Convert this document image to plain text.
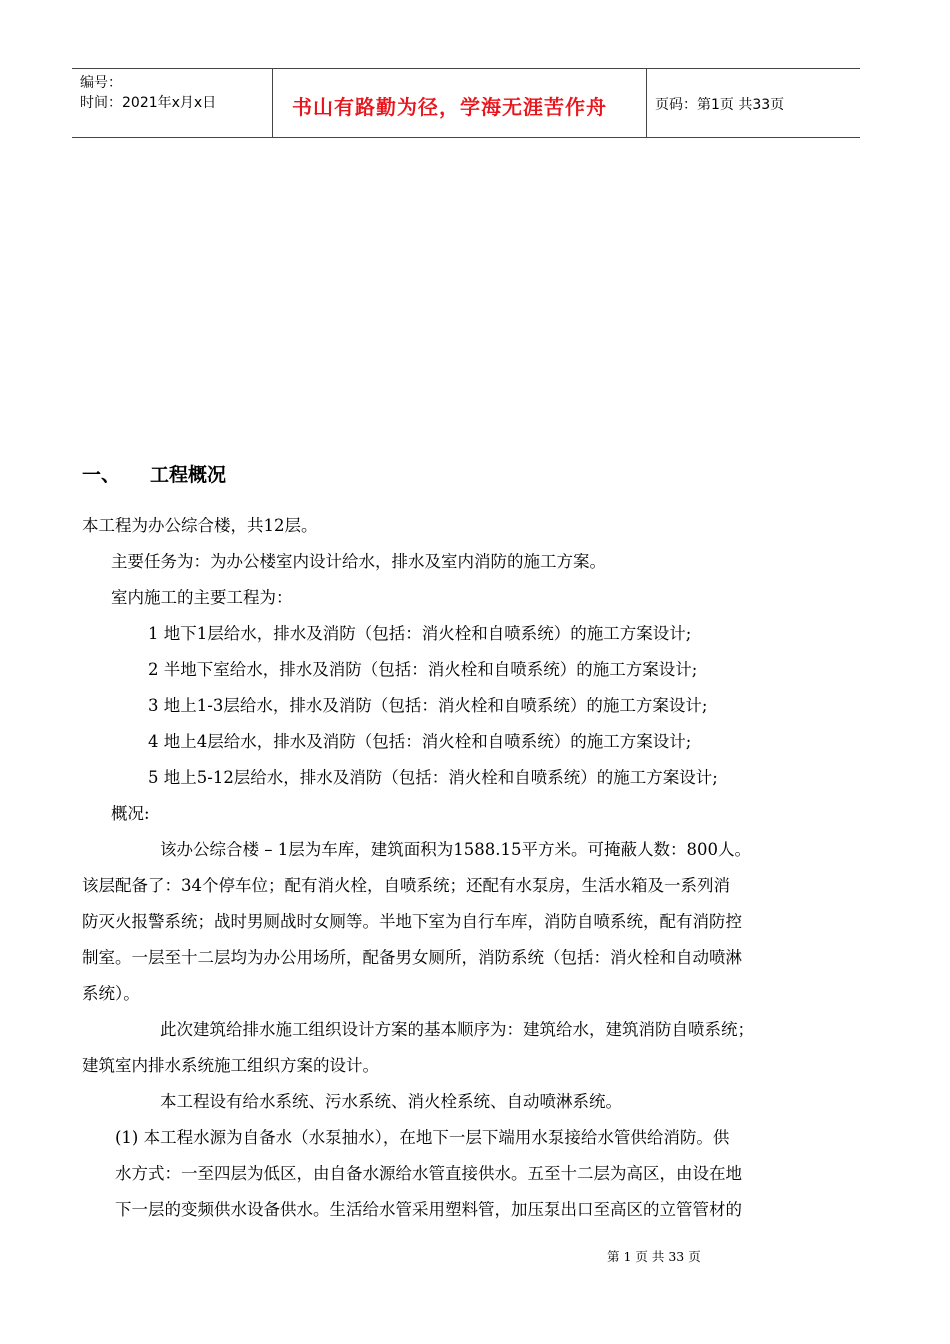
编号：
时间：2021年x月x日	书山有路勤为径，学海无涯苦作舟	页码：第1页 共33页
一、 工程概况
本工程为办公综合楼，共12层。
主要任务为：为办公楼室内设计给水，排水及室内消防的施工方案。
室内施工的主要工程为：
1 地下1层给水，排水及消防（包括：消火栓和自喷系统）的施工方案设计;
2 半地下室给水，排水及消防（包括：消火栓和自喷系统）的施工方案设计;
3 地上1-3层给水，排水及消防（包括：消火栓和自喷系统）的施工方案设计;
4 地上4层给水，排水及消防（包括：消火栓和自喷系统）的施工方案设计;
5 地上5-12层给水，排水及消防（包括：消火栓和自喷系统）的施工方案设计;
概况:
该办公综合楼 – 1层为车库，建筑面积为1588.15平方米。可掩蔽人数：800人。
该层配备了：34个停车位；配有消火栓，自喷系统；还配有水泵房，生活水箱及一系列消
防灭火报警系统；战时男厕战时女厕等。半地下室为自行车库，消防自喷系统，配有消防控
制室。一层至十二层均为办公用场所，配备男女厕所，消防系统（包括：消火栓和自动喷淋
系统）。
此次建筑给排水施工组织设计方案的基本顺序为：建筑给水，建筑消防自喷系统；
建筑室内排水系统施工组织方案的设计。
本工程设有给水系统、污水系统、消火栓系统、自动喷淋系统。
(1) 本工程水源为自备水（水泵抽水），在地下一层下端用水泵接给水管供给消防。供
水方式：一至四层为低区，由自备水源给水管直接供水。五至十二层为高区，由设在地
下一层的变频供水设备供水。生活给水管采用塑料管，加压泵出口至高区的立管管材的
第 1 页 共 33 页
